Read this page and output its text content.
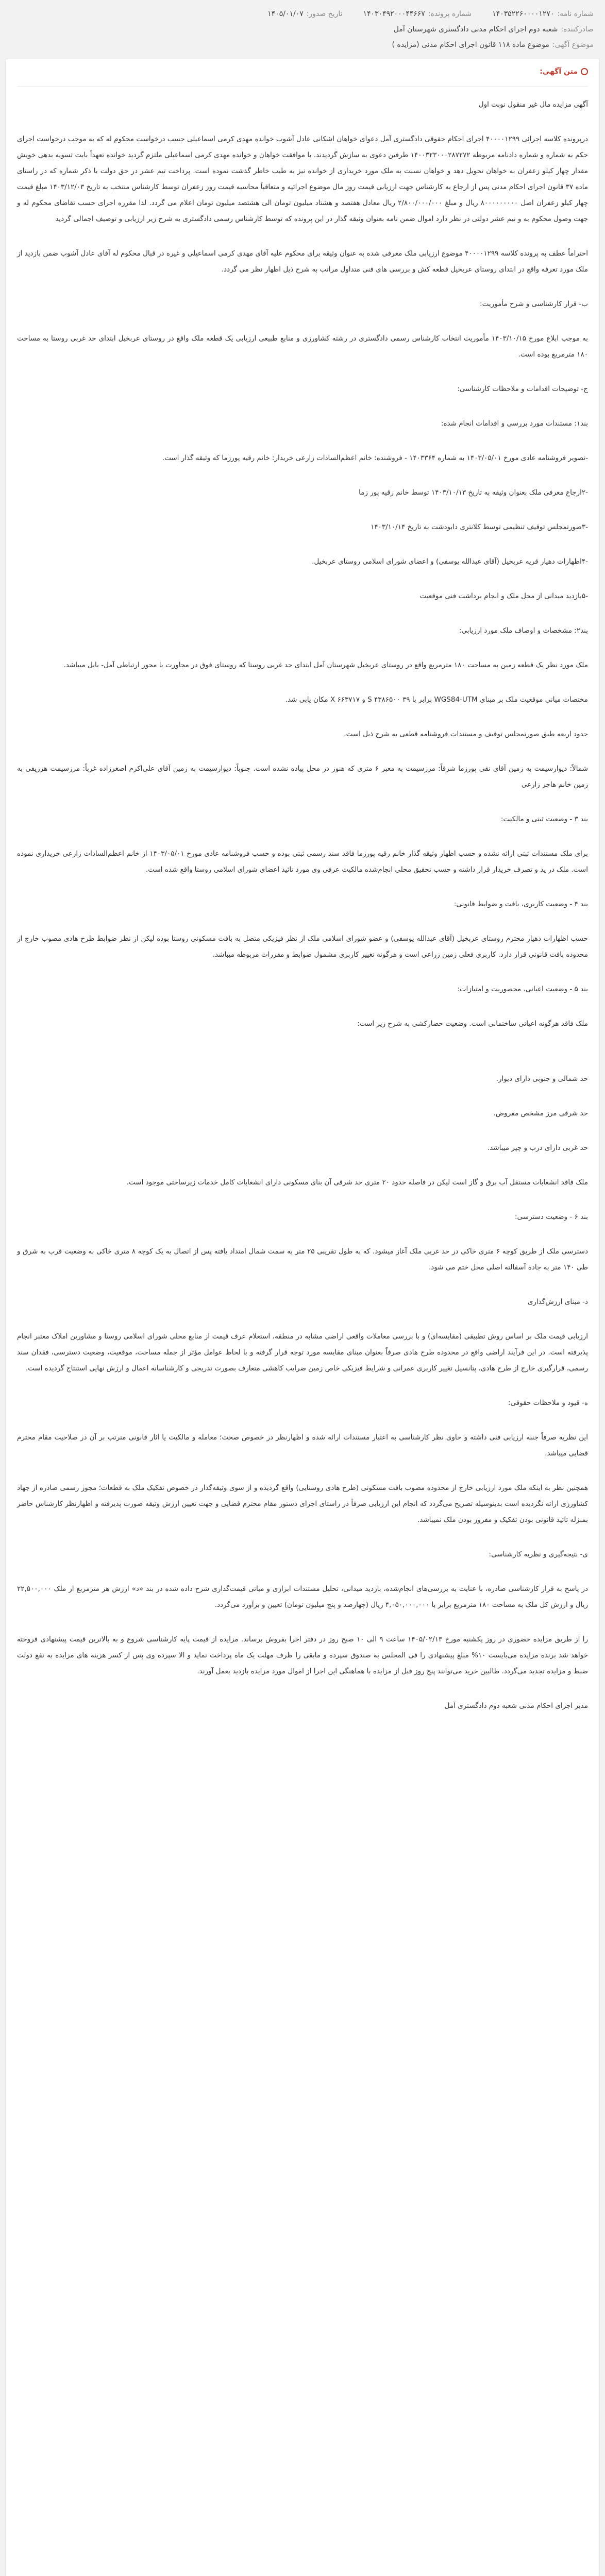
شماره نامه:
۱۴۰۳۵۲۲۶۰۰۰۰۱۲۷۰
شماره پرونده:
۱۴۰۳۰۴۹۲۰۰۰۴۴۶۶۷
تاریخ صدور:
۱۴۰۵/۰۱/۰۷
صادرکننده:
شعبه دوم اجرای احکام مدنی دادگستری شهرستان آمل
موضوع آگهی:
موضوع ماده ۱۱۸ قانون اجرای احکام مدنی (مزایده )
متن آگهی:

آگهی مزایده مال غیر منقول نوبت اول

درپرونده کلاسه اجرائی ۴۰۰۰۰۱۲۹۹ اجرای احکام حقوقی دادگستری آمل دعوای خواهان اشکانی عادل آشوب خوانده مهدی کرمی اسماعیلی حسب درخواست محکوم له که به موجب درخواست اجرای حکم به شماره و شماره دادنامه مربوطه ۱۴۰۰۳۲۳۰۰۰۲۸۷۲۷۲ طرفین دعوی به سازش گردیدند. با موافقت خواهان و خوانده مهدی کرمی اسماعیلی ملتزم گردید خوانده تعهداً بابت تسویه بدهی خویش مقدار چهار کیلو زعفران به خواهان تحویل دهد و خواهان نسبت به ملک مورد خریداری از خوانده نیز به طیب خاطر گذشت نموده است. پرداخت تیم عشر در حق دولت با ذکر شماره که در راستای ماده ۳۷ قانون اجرای احکام مدنی پس از ارجاع به کارشناس جهت ارزیابی قیمت روز مال موضوع اجرائیه و متعاقباً محاسبه قیمت روز زعفران توسط کارشناس منتخب به تاریخ ۱۴۰۳/۱۲/۰۳ مبلغ قیمت چهار کیلو زعفران اصل ۸۰۰۰۰۰۰۰۰۰ ریال و مبلغ ۲/۸۰۰/۰۰۰/۰۰۰ ریال معادل هفتصد و هشتاد میلیون تومان الی هشتصد میلیون تومان اعلام می گردد. لذا مقرره اجرای حسب تقاضای محکوم له و جهت وصول محکوم به و نیم عشر دولتی در نظر دارد اموال ضمن نامه بعنوان وثیقه گذار در این پرونده که توسط کارشناس رسمی دادگستری به شرح زیر ارزیابی و توصیف اجمالی گردید

احتراماً عطف به پرونده کلاسه ۴۰۰۰۰۱۲۹۹ موضوع ارزیابی ملک معرفی شده به عنوان وثیقه برای محکوم علیه آقای مهدی کرمی اسماعیلی و غیره در قبال محکوم له آقای عادل آشوب ضمن بازدید از ملک مورد تعرفه واقع در ابتدای روستای عربخیل قطعه کش و بررسی های فنی متداول مراتب به شرح ذیل اظهار نظر می گردد.

ب- قرار کارشناسی و شرح مأموریت:

به موجب ابلاغ مورخ ۱۴۰۳/۱۰/۱۵ مأموریت انتخاب کارشناس رسمی دادگستری در رشته کشاورزی و منابع طبیعی ارزیابی یک قطعه ملک واقع در روستای عربخیل ابتدای حد غربی روستا به مساحت ۱۸۰ مترمربع بوده است.

ج- توضیحات اقدامات و ملاحظات کارشناسی:

بند۱: مستندات مورد بررسی و اقدامات انجام شده:

-تصویر فروشنامه عادی مورخ ۱۴۰۳/۰۵/۰۱ به شماره ۱۴۰۳۳۶۴ - فروشنده: خانم اعظم‌السادات زارعی خریدار: خانم رقیه پورزما که وثیقه گذار است.

-۲ارجاع معرفی ملک بعنوان وثیقه به تاریخ ۱۴۰۳/۱۰/۱۳ توسط خانم رقیه پور زما

-۳صورتمجلس توقیف تنظیمی توسط کلانتری دابودشت به تاریخ ۱۴۰۳/۱۰/۱۴

-۴اظهارات دهیار قریه عربخیل (آقای عبدالله یوسفی) و اعضای شورای اسلامی روستای عربخیل.

-۵بازدید میدانی از محل ملک و انجام برداشت فنی موقعیت

بند۲: مشخصات و اوصاف ملک مورد ارزیابی:

ملک مورد نظر یک قطعه زمین به مساحت ۱۸۰ مترمربع واقع در روستای عربخیل شهرستان آمل ابتدای حد غربی روستا که روستای فوق در مجاورت با محور ارتباطی آمل- بابل میباشد.

مختصات میانی موقعیت ملک بر مبنای WGS84-UTM برابر با ۳۹ S ۴۳۸۶۵۰۰ و ۶۶۳۷۱۷ X مکان یابی شد.

حدود اربعه طبق صورتمجلس توقیف و مستندات فروشنامه قطعی به شرح ذیل است.

شمالاً: دیوارسیمت به زمین آقای نقی پورزما شرقاً: مرزسیمت به معبر ۶ متری که هنوز در محل پیاده نشده است. جنوباً: دیوارسیمت به زمین آقای علی‌اکرم اصغرزاده غرباً: مرزسیمت هرزیفی به زمین خانم هاجر زارعی

بند ۳ - وضعیت ثبتی و مالکیت:

برای ملک مستندات ثبتی ارائه نشده و حسب اظهار وثیقه گذار خانم رقیه پورزما فاقد سند رسمی ثبتی بوده و حسب فروشنامه عادی مورخ ۱۴۰۳/۰۵/۰۱ از خانم اعظم‌السادات زارعی خریداری نموده است. ملک در ید و تصرف خریدار قرار داشته و حسب تحقیق محلی انجام‌شده مالکیت عرفی وی مورد تائید اعضای شورای اسلامی روستا واقع شده است.

بند ۴ - وضعیت کاربری، بافت و ضوابط قانونی:

حسب اظهارات دهیار محترم روستای عربخیل (آقای عبدالله یوسفی) و عضو شورای اسلامی ملک از نظر فیزیکی متصل به بافت مسکونی روستا بوده لیکن از نظر ضوابط طرح هادی مصوب خارج از محدوده بافت قانونی قرار دارد. کاربری فعلی زمین زراعی است و هرگونه تغییر کاربری مشمول ضوابط و مقررات مربوطه میباشد.

بند ۵ - وضعیت اعیانی، محصوریت و امتیازات:

ملک فاقد هرگونه اعیانی ساختمانی است. وضعیت حصارکشی به شرح زیر است:

حد شمالی و جنوبی دارای دیوار.

حد شرقی مرز مشخص مفروض.

حد غربی دارای درب و چپر میباشد.

ملک فاقد انشعابات مستقل آب برق و گاز است لیکن در فاصله حدود ۲۰ متری حد شرقی آن بنای مسکونی دارای انشعابات کامل خدمات زیرساختی موجود است.

بند ۶ - وضعیت دسترسی:

دسترسی ملک از طریق کوچه ۶ متری خاکی در حد غربی ملک آغاز میشود. که به طول تقریبی ۲۵ متر به سمت شمال امتداد یافته پس از اتصال به یک کوچه ۸ متری خاکی به وضعیت قرب به شرق و طی ۱۴۰ متر به جاده آسفالته اصلی محل ختم می شود.

د- مبنای ارزش‌گذاری

ارزیابی قیمت ملک بر اساس روش تطبیقی (مقایسه‌ای) و با بررسی معاملات واقعی اراضی مشابه در منطقه، استعلام عرف قیمت از منابع محلی شورای اسلامی روستا و مشاورین املاک معتبر انجام پذیرفته است. در این فرآیند اراضی واقع در محدوده طرح هادی صرفاً بعنوان مبنای مقایسه مورد توجه قرار گرفته و با لحاظ عوامل مؤثر از جمله مساحت، موقعیت، وضعیت دسترسی، فقدان سند رسمی، قرارگیری خارج از طرح هادی، پتانسیل تغییر کاربری عمرانی و شرایط فیزیکی خاص زمین ضرایب کاهشی متعارف بصورت تدریجی و کارشناسانه اعمال و ارزش نهایی استنتاج گردیده است.

ه- قیود و ملاحظات حقوقی:

این نظریه صرفاً جنبه ارزیابی فنی داشته و حاوی نظر کارشناسی به اعتبار مستندات ارائه شده و اظهارنظر در خصوص صحت؛ معامله و مالکیت یا اثار قانونی مترتب بر آن در صلاحیت مقام محترم قضایی میباشد.

همچنین نظر به اینکه ملک مورد ارزیابی خارج از محدوده مصوب بافت مسکونی (طرح هادی روستایی) واقع گردیده و از سوی وثیقه‌گذار در خصوص تفکیک ملک به قطعات؛ مجوز رسمی صادره از جهاد کشاورزی ارائه نگردیده است بدینوسیله تصریح می‌گردد که انجام این ارزیابی صرفاً در راستای اجرای دستور مقام محترم قضایی و جهت تعیین ارزش وثیقه صورت پذیرفته و اظهارنظر کارشناس حاضر بمنزله تائید قانونی بودن تفکیک و مفروز بودن ملک نمیباشد.

ی- نتیجه‌گیری و نظریه کارشناسی:

در پاسخ به قرار کارشناسی صادره، با عنایت به بررسی‌های انجام‌شده، بازدید میدانی، تحلیل مستندات ابرازی و مبانی قیمت‌گذاری شرح داده شده در بند «د» ارزش هر مترمربع از ملک ۲۲,۵۰۰,۰۰۰ ریال و ارزش کل ملک به مساحت ۱۸۰ مترمربع برابر با ۴,۰۵۰,۰۰۰,۰۰۰ ریال (چهارصد و پنج میلیون تومان) تعیین و برآورد می‌گردد.

را از طریق مزایده حضوری در روز یکشنبه مورخ ۱۴۰۵/۰۲/۱۳ ساعت ۹ الی ۱۰ صبح روز در دفتر اجرا بفروش برساند. مزایده از قیمت پایه کارشناسی شروع و به بالاترین قیمت پیشنهادی فروخته خواهد شد برنده مزایده می‌بایست ۱۰% مبلغ پیشنهادی را فی المجلس به صندوق سپرده و مابقی را ظرف مهلت یک ماه پرداخت نماید و الا سپرده وی پس از کسر هزینه های مزایده به نفع دولت ضبط و مزایده تجدید می‌گردد. طالبین خرید می‌توانند پنج روز قبل از مزایده با هماهنگی این اجرا از اموال مورد مزایده بازدید بعمل آورند.

مدیر اجرای احکام مدنی شعبه دوم دادگستری آمل
